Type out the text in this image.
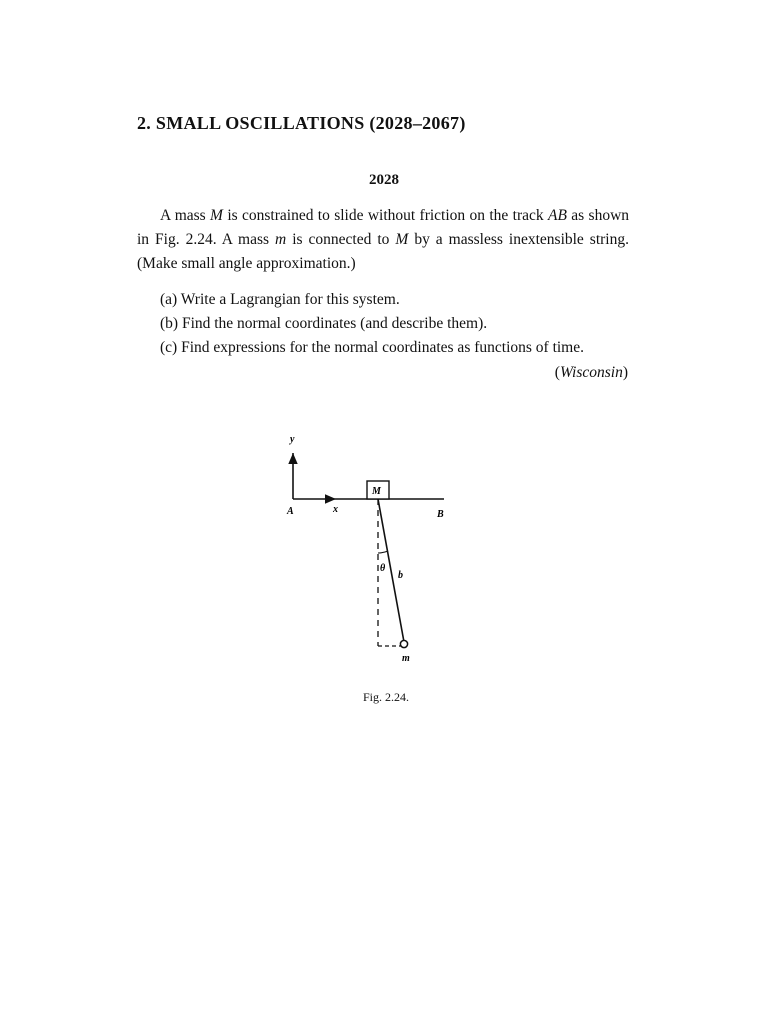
2. SMALL OSCILLATIONS (2028–2067)
2028
A mass M is constrained to slide without friction on the track AB as shown in Fig. 2.24. A mass m is connected to M by a massless inextensible string. (Make small angle approximation.)
(a) Write a Lagrangian for this system.
(b) Find the normal coordinates (and describe them).
(c) Find expressions for the normal coordinates as functions of time.
(Wisconsin)
y
x
A	B
M
θ
b
m
Fig. 2.24.
